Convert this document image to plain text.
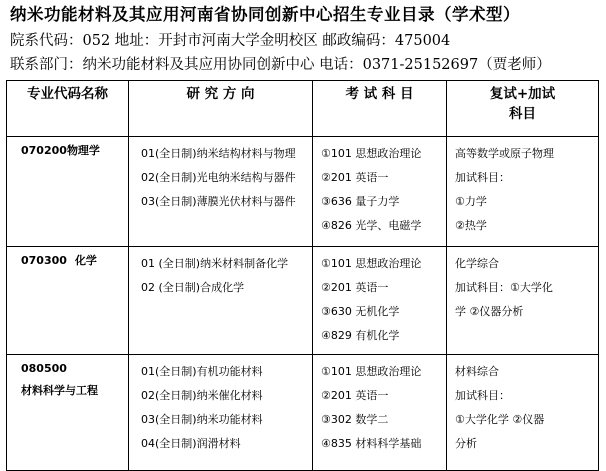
纳米功能材料及其应用河南省协同创新中心招生专业目录（学术型）
院系代码：052 地址：开封市河南大学金明校区 邮政编码：475004
联系部门：纳米功能材料及其应用协同创新中心 电话：0371-25152697（贾老师）
专业代码名称	研 究 方 向	考 试 科 目	复试+加试
科目

070200物理学	01(全日制)纳米结构材料与物理
02(全日制)光电纳米结构与器件
03(全日制)薄膜光伏材料与器件	①101 思想政治理论
②201 英语一
③636 量子力学
④826 光学、电磁学	高等数学或原子物理
加试科目：
①力学
②热学

070300 化学	01 (全日制)纳米材料制备化学
02 (全日制)合成化学	①101 思想政治理论
②201 英语一
③630 无机化学
④829 有机化学	化学综合
加试科目：①大学化
学 ②仪器分析

080500
材料科学与工程	01(全日制)有机功能材料
02(全日制)纳米催化材料
03(全日制)纳米功能材料
04(全日制)润滑材料	①101 思想政治理论
②201 英语一
③302 数学二
④835 材料科学基础	材料综合
加试科目：
①大学化学 ②仪器
分析
